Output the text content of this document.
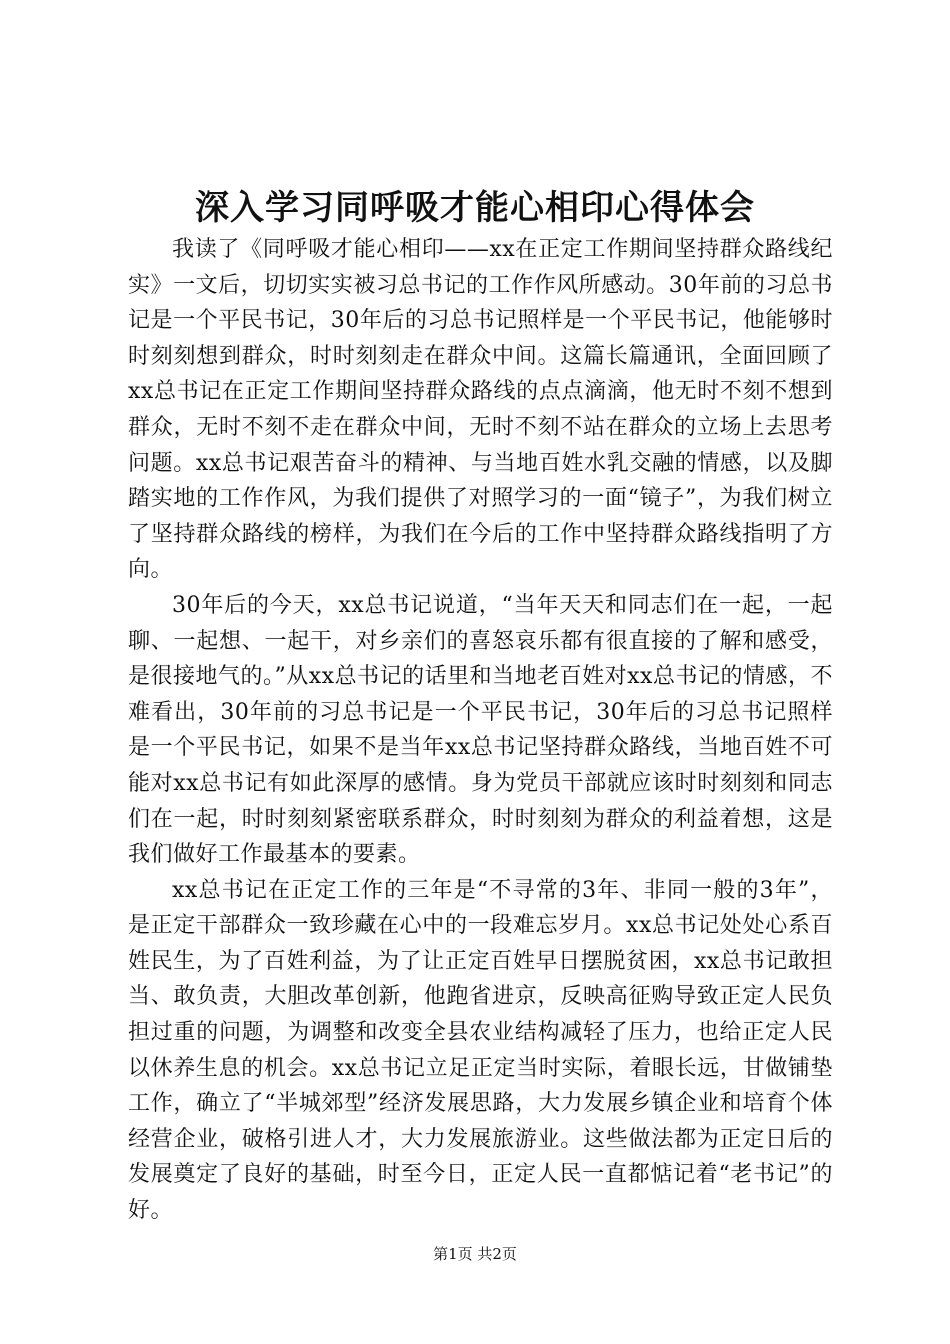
深入学习同呼吸才能心相印心得体会

我读了《同呼吸才能心相印——xx在正定工作期间坚持群众路线纪实》一文后，切切实实被习总书记的工作作风所感动。30年前的习总书记是一个平民书记，30年后的习总书记照样是一个平民书记，他能够时时刻刻想到群众，时时刻刻走在群众中间。这篇长篇通讯，全面回顾了xx总书记在正定工作期间坚持群众路线的点点滴滴，他无时不刻不想到群众，无时不刻不走在群众中间，无时不刻不站在群众的立场上去思考问题。xx总书记艰苦奋斗的精神、与当地百姓水乳交融的情感，以及脚踏实地的工作作风，为我们提供了对照学习的一面“镜子”，为我们树立了坚持群众路线的榜样，为我们在今后的工作中坚持群众路线指明了方向。

30年后的今天，xx总书记说道，“当年天天和同志们在一起，一起聊、一起想、一起干，对乡亲们的喜怒哀乐都有很直接的了解和感受，是很接地气的。”从xx总书记的话里和当地老百姓对xx总书记的情感，不难看出，30年前的习总书记是一个平民书记，30年后的习总书记照样是一个平民书记，如果不是当年xx总书记坚持群众路线，当地百姓不可能对xx总书记有如此深厚的感情。身为党员干部就应该时时刻刻和同志们在一起，时时刻刻紧密联系群众，时时刻刻为群众的利益着想，这是我们做好工作最基本的要素。

xx总书记在正定工作的三年是“不寻常的3年、非同一般的3年”，是正定干部群众一致珍藏在心中的一段难忘岁月。xx总书记处处心系百姓民生，为了百姓利益，为了让正定百姓早日摆脱贫困，xx总书记敢担当、敢负责，大胆改革创新，他跑省进京，反映高征购导致正定人民负担过重的问题，为调整和改变全县农业结构减轻了压力，也给正定人民以休养生息的机会。xx总书记立足正定当时实际，着眼长远，甘做铺垫工作，确立了“半城郊型”经济发展思路，大力发展乡镇企业和培育个体经营企业，破格引进人才，大力发展旅游业。这些做法都为正定日后的发展奠定了良好的基础，时至今日，正定人民一直都惦记着“老书记”的好。

第1页 共2页
